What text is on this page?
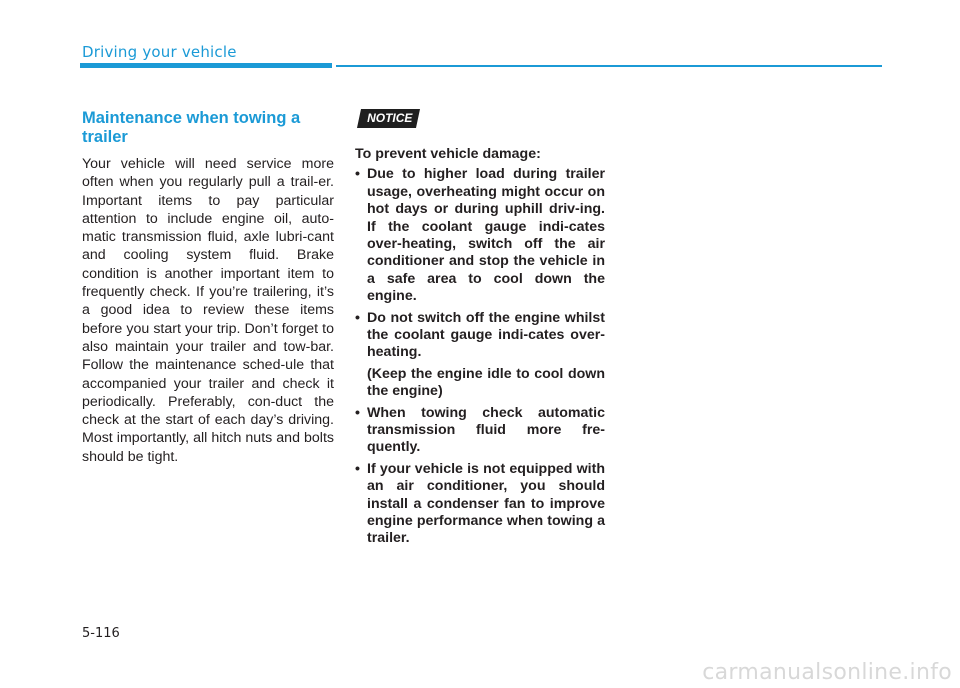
Driving your vehicle
Maintenance when towing a trailer

Your vehicle will need service more often when you regularly pull a trail-er. Important items to pay particular attention to include engine oil, auto-matic transmission fluid, axle lubri-cant and cooling system fluid. Brake condition is another important item to frequently check. If you’re trailering, it’s a good idea to review these items before you start your trip. Don’t forget to also maintain your trailer and tow-bar. Follow the maintenance sched-ule that accompanied your trailer and check it periodically. Preferably, con-duct the check at the start of each day’s driving. Most importantly, all hitch nuts and bolts should be tight.

NOTICE

To prevent vehicle damage:

• Due to higher load during trailer usage, overheating might occur on hot days or during uphill driv-ing. If the coolant gauge indi-cates over-heating, switch off the air conditioner and stop the vehicle in a safe area to cool down the engine.
• Do not switch off the engine whilst the coolant gauge indi-cates over-heating.

(Keep the engine idle to cool down the engine)

• When towing check automatic transmission fluid more fre-quently.
• If your vehicle is not equipped with an air conditioner, you should install a condenser fan to improve engine performance when towing a trailer.
5-116
carmanualsonline.info
